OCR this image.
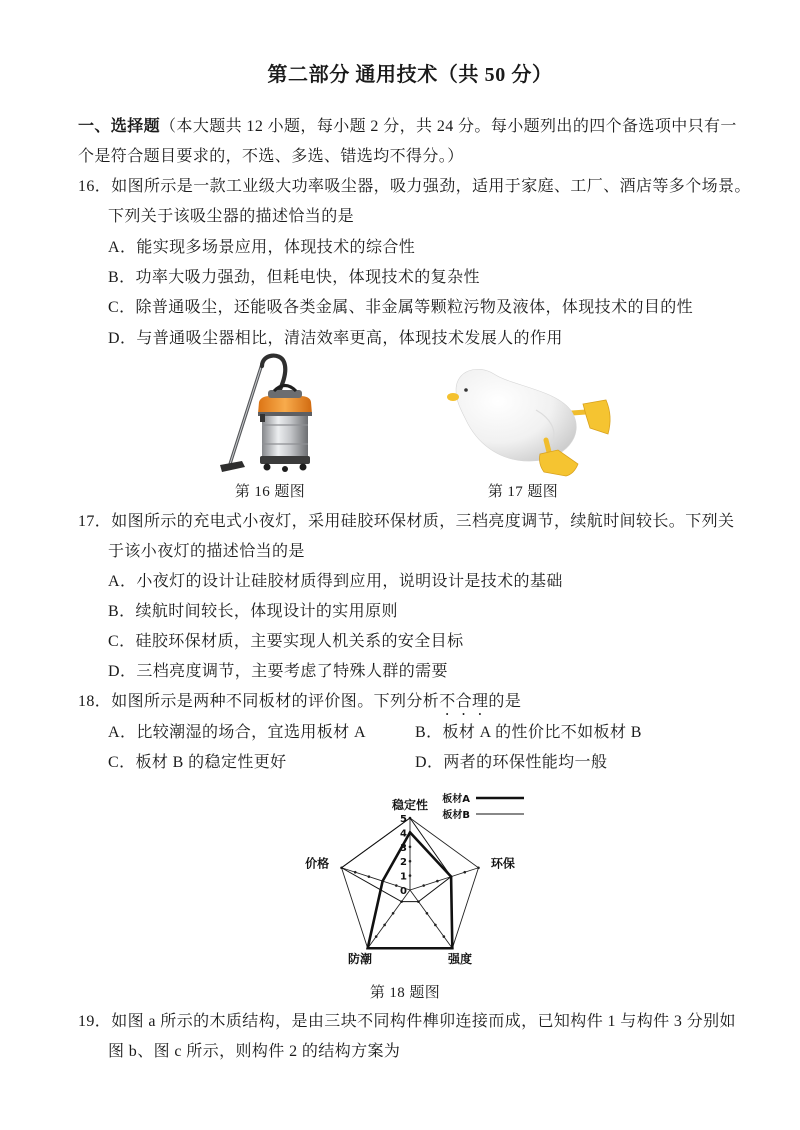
第二部分 通用技术（共 50 分）
一、选择题（本大题共 12 小题，每小题 2 分，共 24 分。每小题列出的四个备选项中只有一
个是符合题目要求的，不选、多选、错选均不得分。）
16．如图所示是一款工业级大功率吸尘器，吸力强劲，适用于家庭、工厂、酒店等多个场景。
下列关于该吸尘器的描述恰当的是
A．能实现多场景应用，体现技术的综合性
B．功率大吸力强劲，但耗电快，体现技术的复杂性
C．除普通吸尘，还能吸各类金属、非金属等颗粒污物及液体，体现技术的目的性
D．与普通吸尘器相比，清洁效率更高，体现技术发展人的作用
第 16 题图	第 17 题图
17．如图所示的充电式小夜灯，采用硅胶环保材质，三档亮度调节，续航时间较长。下列关
于该小夜灯的描述恰当的是
A．小夜灯的设计让硅胶材质得到应用，说明设计是技术的基础
B．续航时间较长，体现设计的实用原则
C．硅胶环保材质，主要实现人机关系的安全目标
D．三档亮度调节，主要考虑了特殊人群的需要
18．如图所示是两种不同板材的评价图。下列分析不合理的是
A．比较潮湿的场合，宜选用板材 A	B．板材 A 的性价比不如板材 B
C．板材 B 的稳定性更好	D．两者的环保性能均一般
稳定性
环保
强度
防潮
价格
5
4
3
2
1
0
板材A
板材B
第 18 题图
19．如图 a 所示的木质结构，是由三块不同构件榫卯连接而成，已知构件 1 与构件 3 分别如
图 b、图 c 所示，则构件 2 的结构方案为
